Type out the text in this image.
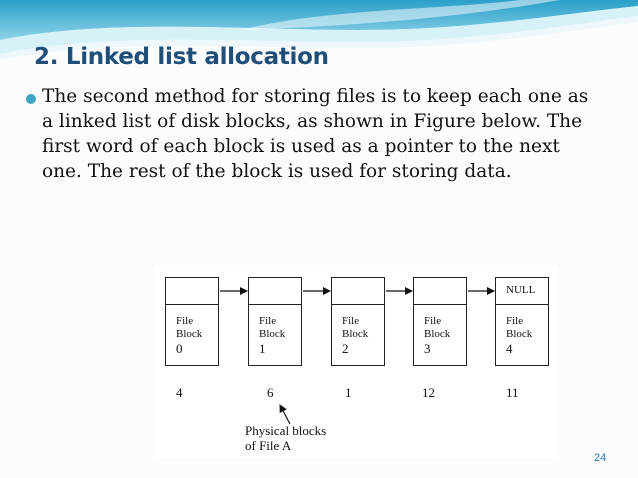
2. Linked list allocation

The second method for storing files is to keep each one as
a linked list of disk blocks, as shown in Figure below. The
first word of each block is used as a pointer to the next
one. The rest of the block is used for storing data.

File
Block

0
File
Block

1
File
Block

2
File
Block

3
NULL
File
Block

4
4	6	1	12	11
Physical blocks
of File A
24
